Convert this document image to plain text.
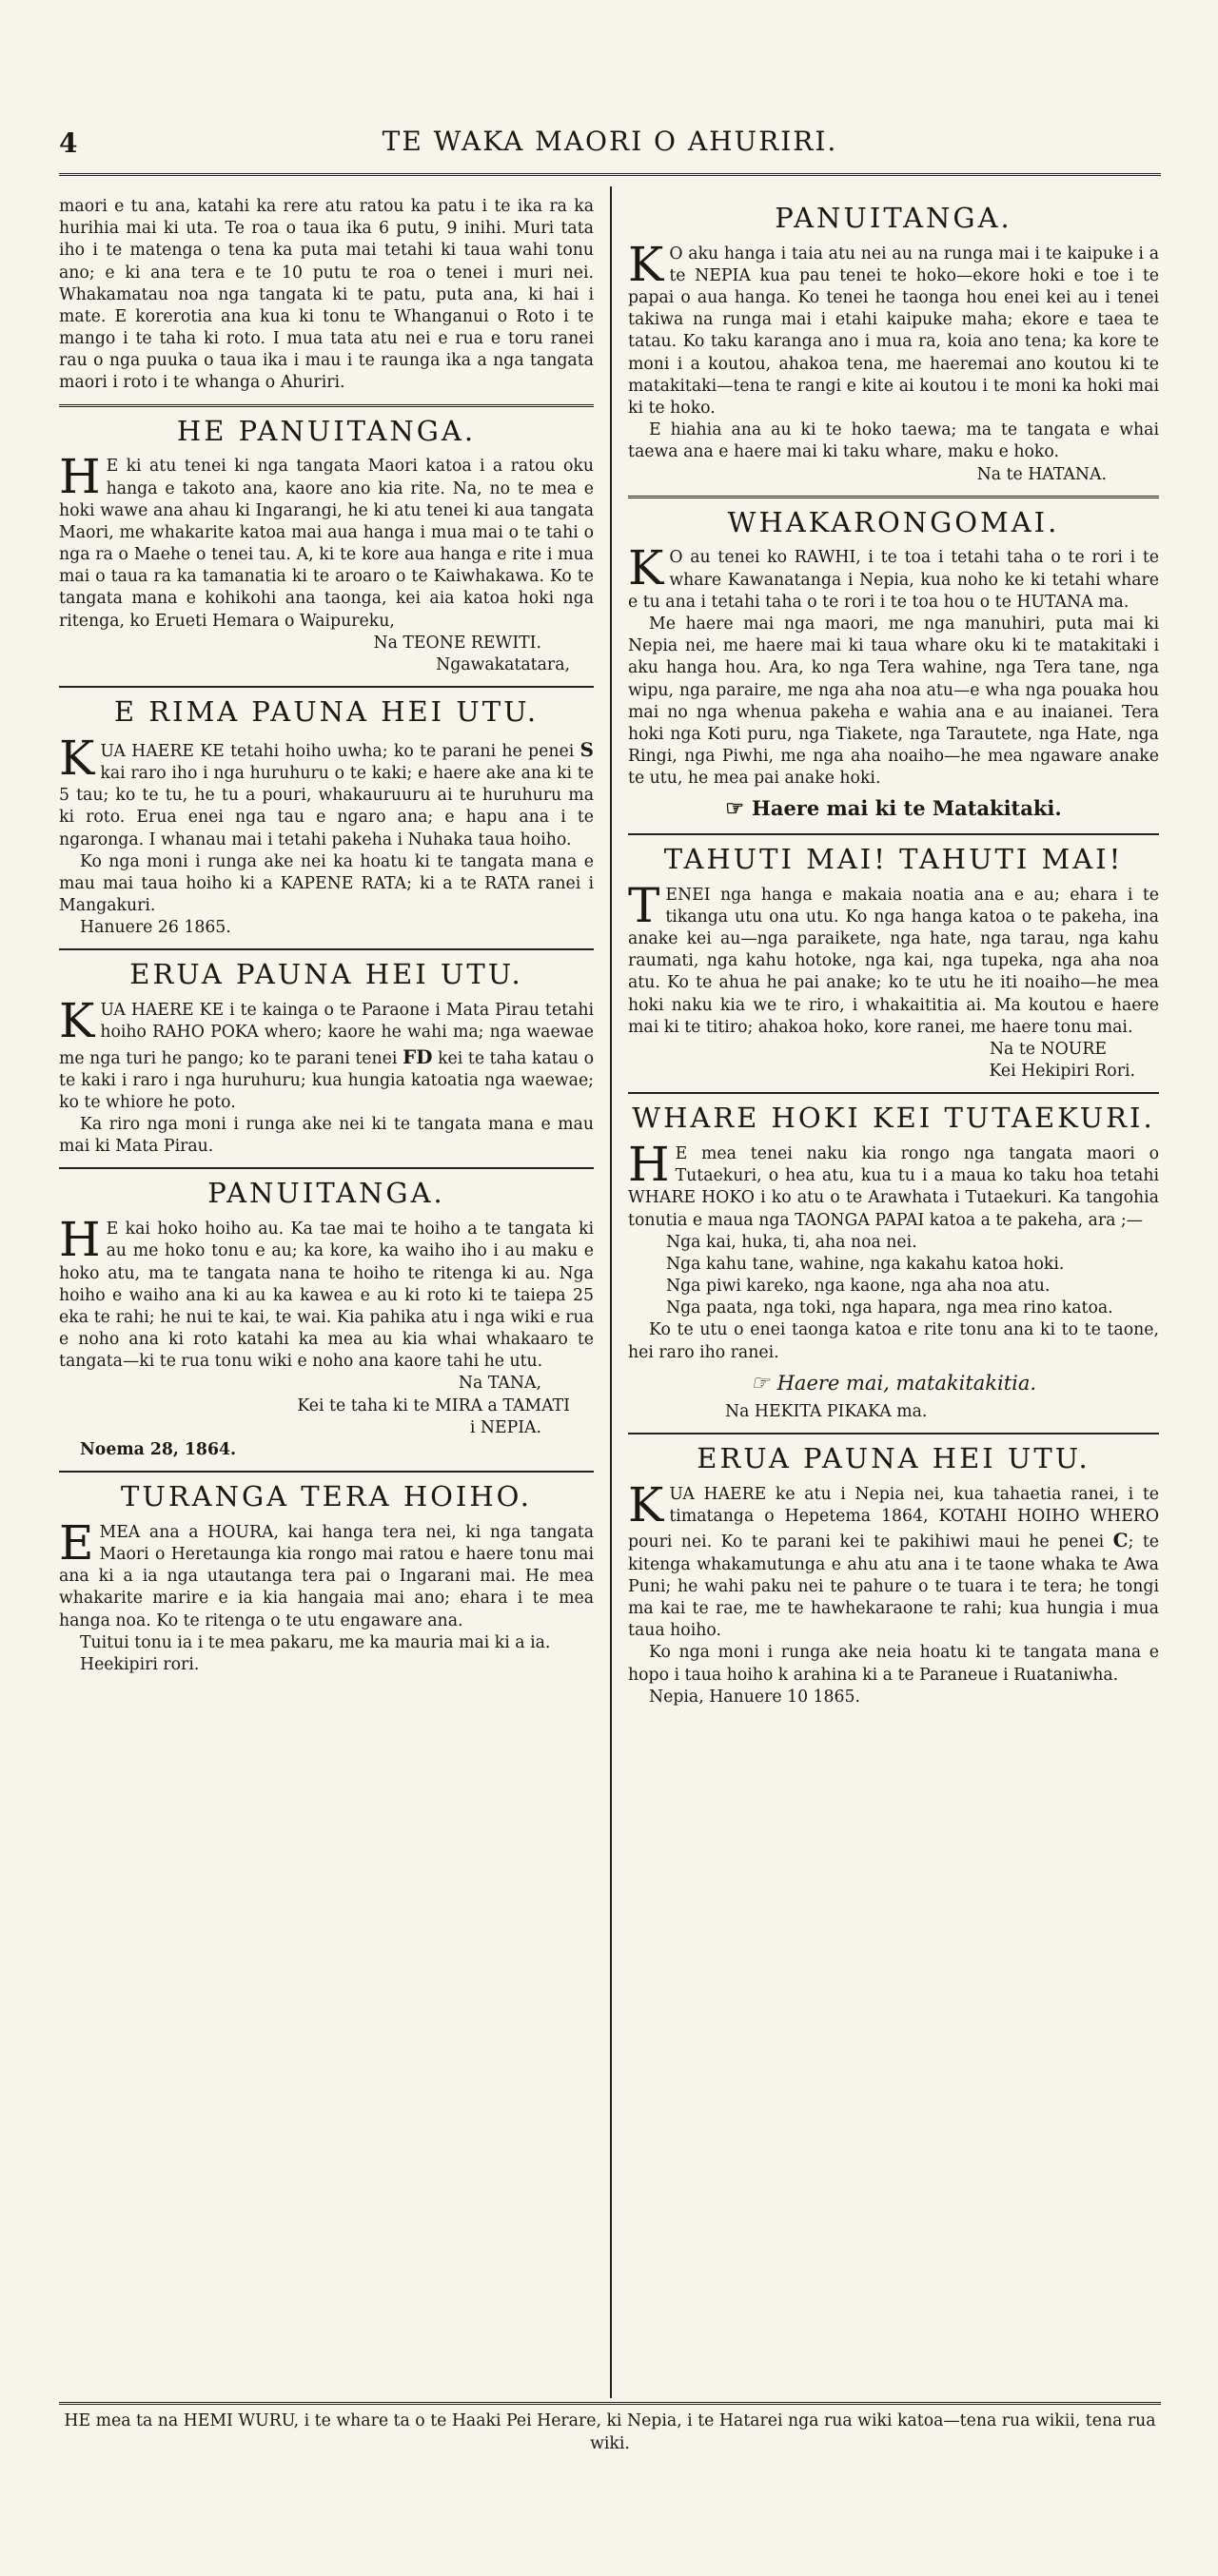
4	TE WAKA MAORI O AHURIRI.

maori e tu ana, katahi ka rere atu ratou ka patu i te ika ra ka hurihia mai ki uta. Te roa o taua ika 6 putu, 9 inihi. Muri tata iho i te matenga o tena ka puta mai tetahi ki taua wahi tonu ano; e ki ana tera e te 10 putu te roa o tenei i muri nei. Whakamatau noa nga tangata ki te patu, puta ana, ki hai i mate. E korerotia ana kua ki tonu te Whanganui o Roto i te mango i te taha ki roto. I mua tata atu nei e rua e toru ranei rau o nga puuka o taua ika i mau i te raunga ika a nga tangata maori i roto i te whanga o Ahuriri.

HE PANUITANGA.

H E ki atu tenei ki nga tangata Maori katoa i a ratou oku hanga e takoto ana, kaore ano kia rite. Na, no te mea e hoki wawe ana ahau ki Ingarangi, he ki atu tenei ki aua tangata Maori, me whakarite katoa mai aua hanga i mua mai o te tahi o nga ra o Maehe o tenei tau. A, ki te kore aua hanga e rite i mua mai o taua ra ka tamanatia ki te aroaro o te Kaiwhakawa. Ko te tangata mana e kohikohi ana taonga, kei aia katoa hoki nga ritenga, ko Erueti Hemara o Waipureku,

Na TEONE REWITI.

Ngawakatatara,

E RIMA PAUNA HEI UTU.

KUA HAERE KE tetahi hoiho uwha; ko te parani he penei S kai raro iho i nga huruhuru o te kaki; e haere ake ana ki te 5 tau; ko te tu, he tu a pouri, whakauruuru ai te huruhuru ma ki roto. Erua enei nga tau e ngaro ana; e hapu ana i te ngaronga. I whanau mai i tetahi pakeha i Nuhaka taua hoiho.

Ko nga moni i runga ake nei ka hoatu ki te tangata mana e mau mai taua hoiho ki a KAPENE RATA; ki a te RATA ranei i Mangakuri.

Hanuere 26 1865.

ERUA PAUNA HEI UTU.

KUA HAERE KE i te kainga o te Paraone i Mata Pirau tetahi hoiho RAHO POKA whero; kaore he wahi ma; nga waewae me nga turi he pango; ko te parani tenei FD kei te taha katau o te kaki i raro i nga huruhuru; kua hungia katoatia nga waewae; ko te whiore he poto.

Ka riro nga moni i runga ake nei ki te tangata mana e mau mai ki Mata Pirau.

PANUITANGA.

H E kai hoko hoiho au. Ka tae mai te hoiho a te tangata ki au me hoko tonu e au; ka kore, ka waiho iho i au maku e hoko atu, ma te tangata nana te hoiho te ritenga ki au. Nga hoiho e waiho ana ki au ka kawea e au ki roto ki te taiepa 25 eka te rahi; he nui te kai, te wai. Kia pahika atu i nga wiki e rua e noho ana ki roto katahi ka mea au kia whai whakaaro te tangata—ki te rua tonu wiki e noho ana kaore tahi he utu.

Na TANA,

Kei te taha ki te MIRA a TAMATI

i NEPIA.

Noema 28, 1864.

TURANGA TERA HOIHO.

EMEA ana a HOURA, kai hanga tera nei, ki nga tangata Maori o Heretaunga kia rongo mai ratou e haere tonu mai ana ki a ia nga utautanga tera pai o Ingarani mai. He mea whakarite marire e ia kia hangaia mai ano; ehara i te mea hanga noa. Ko te ritenga o te utu engaware ana.

Tuitui tonu ia i te mea pakaru, me ka mauria mai ki a ia.

Heekipiri rori.

PANUITANGA.

K O aku hanga i taia atu nei au na runga mai i te kaipuke i a te NEPIA kua pau tenei te hoko—ekore hoki e toe i te papai o aua hanga. Ko tenei he taonga hou enei kei au i tenei takiwa na runga mai i etahi kaipuke maha; ekore e taea te tatau. Ko taku karanga ano i mua ra, koia ano tena; ka kore te moni i a koutou, ahakoa tena, me haeremai ano koutou ki te matakitaki—tena te rangi e kite ai koutou i te moni ka hoki mai ki te hoko.

E hiahia ana au ki te hoko taewa; ma te tangata e whai taewa ana e haere mai ki taku whare, maku e hoko.

Na te HATANA.

WHAKARONGOMAI.

K O au tenei ko RAWHI, i te toa i tetahi taha o te rori i te whare Kawanatanga i Nepia, kua noho ke ki tetahi whare e tu ana i tetahi taha o te rori i te toa hou o te HUTANA ma.

Me haere mai nga maori, me nga manuhiri, puta mai ki Nepia nei, me haere mai ki taua whare oku ki te matakitaki i aku hanga hou. Ara, ko nga Tera wahine, nga Tera tane, nga wipu, nga paraire, me nga aha noa atu—e wha nga pouaka hou mai no nga whenua pakeha e wahia ana e au inaianei. Tera hoki nga Koti puru, nga Tiakete, nga Tarautete, nga Hate, nga Ringi, nga Piwhi, me nga aha noaiho—he mea ngaware anake te utu, he mea pai anake hoki.

☞ Haere mai ki te Matakitaki.
TAHUTI MAI! TAHUTI MAI!

TENEI nga hanga e makaia noatia ana e au; ehara i te tikanga utu ona utu. Ko nga hanga katoa o te pakeha, ina anake kei au—nga paraikete, nga hate, nga tarau, nga kahu raumati, nga kahu hotoke, nga kai, nga tupeka, nga aha noa atu. Ko te ahua he pai anake; ko te utu he iti noaiho—he mea hoki naku kia we te riro, i whakaititia ai. Ma koutou e haere mai ki te titiro; ahakoa hoko, kore ranei, me haere tonu mai.

Na te NOURE

Kei Hekipiri Rori.

WHARE HOKI KEI TUTAEKURI.

H E mea tenei naku kia rongo nga tangata maori o Tutaekuri, o hea atu, kua tu i a maua ko taku hoa tetahi WHARE HOKO i ko atu o te Arawhata i Tutaekuri. Ka tangohia tonutia e maua nga TAONGA PAPAI katoa a te pakeha, ara ;—

Nga kai, huka, ti, aha noa nei.

Nga kahu tane, wahine, nga kakahu katoa hoki.

Nga piwi kareko, nga kaone, nga aha noa atu.

Nga paata, nga toki, nga hapara, nga mea rino katoa.

Ko te utu o enei taonga katoa e rite tonu ana ki to te taone, hei raro iho ranei.

☞ Haere mai, matakitakitia.

Na HEKITA PIKAKA ma.

ERUA PAUNA HEI UTU.

KUA HAERE ke atu i Nepia nei, kua tahaetia ranei, i te timatanga o Hepetema 1864, KOTAHI HOIHO WHERO pouri nei. Ko te parani kei te pakihiwi maui he penei C; te kitenga whakamutunga e ahu atu ana i te taone whaka te Awa Puni; he wahi paku nei te pahure o te tuara i te tera; he tongi ma kai te rae, me te hawhekaraone te rahi; kua hungia i mua taua hoiho.

Ko nga moni i runga ake neia hoatu ki te tangata mana e hopo i taua hoiho k arahina ki a te Paraneue i Ruataniwha.

Nepia, Hanuere 10 1865.

HE mea ta na HEMI WURU, i te whare ta o te Haaki Pei Herare, ki Nepia, i te Hatarei nga rua wiki katoa—tena rua wikii, tena rua wiki.
